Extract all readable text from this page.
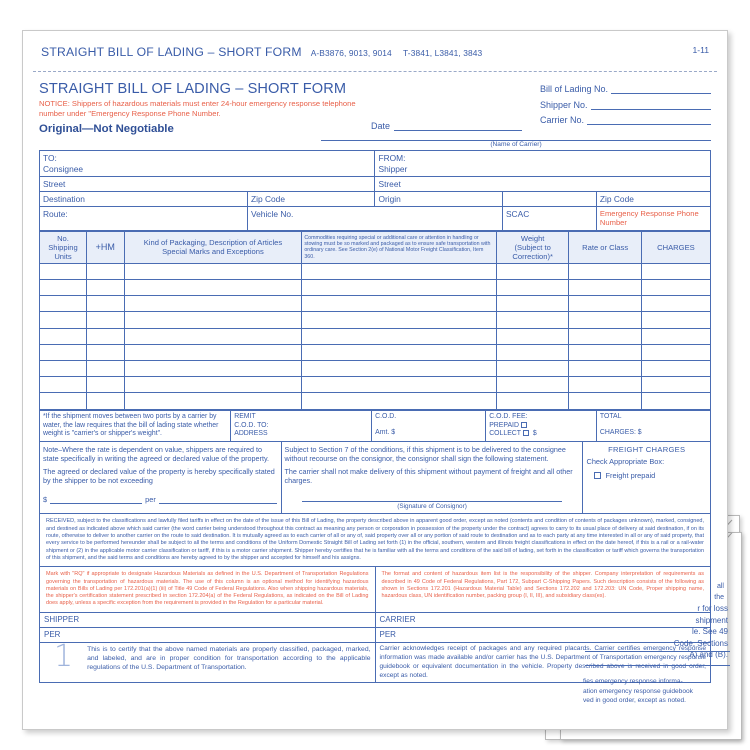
STRAIGHT BILL OF LADING – SHORT FORM A-B3876, 9013, 9014 T-3841, L3841, 3843	1-11
STRAIGHT BILL OF LADING – SHORT FORM
NOTICE: Shippers of hazardous materials must enter 24-hour emergency response telephone number under "Emergency Response Phone Number.
Original—Not Negotiable	Date
Bill of Lading No.
Shipper No.
Carrier No.
(Name of Carrier)
TO:
Consignee

FROM:
Shipper

Street		Street		
Destination	Zip Code	Origin		Zip Code
Route:	Vehicle No.		SCAC	Emergency Response Phone Number
No.
Shipping
Units	+HM	Kind of Packaging, Description of Articles
Special Marks and Exceptions	Commodities requiring special or additional care or attention in handling or stowing must be so marked and packaged as to ensure safe transportation with ordinary care. See Section 2(e) of National Motor Freight Classification, Item 360.	Weight
(Subject to
Correction)*	Rate or Class	CHARGES

*If the shipment moves between two ports by a carrier by water, the law requires that the bill of lading state whether weight is "carrier's or shipper's weight".	
REMIT
C.O.D. TO:
ADDRESS

C.O.D.
Amt. $

C.O.D. FEE:
PREPAID
COLLECT $

TOTAL
CHARGES: $

Note–Where the rate is dependent on value, shippers are required to state specifically in writing the agreed or declared value of the property.

The agreed or declared value of the property is hereby specifically stated by the shipper to be not exceeding

$	per

Subject to Section 7 of the conditions, if this shipment is to be delivered to the consignee without recourse on the consignor, the consignor shall sign the following statement.

The carrier shall not make delivery of this shipment without payment of freight and all other charges.

(Signature of Consignor)

FREIGHT CHARGES
Check Appropriate Box:
Freight prepaid
RECEIVED, subject to the classifications and lawfully filed tariffs in effect on the date of the issue of this Bill of Lading, the property described above in apparent good order, except as noted (contents and condition of contents of packages unknown), marked, consigned, and destined as indicated above which said carrier (the word carrier being understood throughout this contract as meaning any person or corporation in possession of the property under the contract) agrees to carry to its usual place of delivery at said destination, if on its route, otherwise to deliver to another carrier on the route to said destination. It is mutually agreed as to each carrier of all or any of, said property over all or any portion of said route to destination and as to each party at any time interested in all or any of said property, that every service to be performed hereunder shall be subject to all the terms and conditions of the Uniform Domestic Straight Bill of Lading set forth (1) in the official, southern, western and illinois freight classifications in effect on the date hereof, if this is a rail or a rail-water shipment or (2) in the applicable motor carrier classification or tariff, if this is a motor carrier shipment. Shipper hereby certifies that he is familiar with all the terms and conditions of the said bill of lading, set forth in the classification or tariff which governs the transportation of this shipment, and the said terms and conditions are hereby agreed to by the shipper and accepted for himself and his assigns.
Mark with "RQ" if appropriate to designate Hazardous Materials as defined in the U.S. Department of Transportation Regulations governing the transportation of hazardous materials. The use of this column is an optional method for identifying hazardous materials on Bills of Lading per 172.201(a)(1) (iii) of Title 49 Code of Federal Regulations. Also when shipping hazardous materials, the shipper's certification statement prescribed in section 172.204(a) of the Federal Regulations, as indicated on the Bill of Lading does apply, unless a specific exception from the requirement is provided in the Regulation for a particular material.	The format and content of hazardous item list is the responsibility of the shipper. Company interpretation of requirements as described in 49 Code of Federal Regulations, Part 172, Subpart C-Shipping Papers. Such description consists of the following as shown in Sections 172.201 (Hazardous Material Table) and Sections 172.202 and 172.203: UN Code, Proper shipping name, hazardous class, UN identification number, packing group (I, II, III), and subsidiary class(es).
SHIPPER	CARRIER
PER	PER

1	This is to certify that the above named materials are properly classified, packaged, marked, and labeled, and are in proper condition for transportation according to the applicable regulations of the U.S. Department of Transportation.

Carrier acknowledges receipt of packages and any required placards. Carrier certifies emergency response information was made available and/or carrier has the U.S. Department of Transportation emergency response guidebook or equivalent documentation in the vehicle. Property described above is received in good order, except as noted.
all
the
r for loss
shipment
le. See 49
Code, Sections
A) and (B).
fies emergency response informa-
ation emergency response guidebook
ved in good order, except as noted.
